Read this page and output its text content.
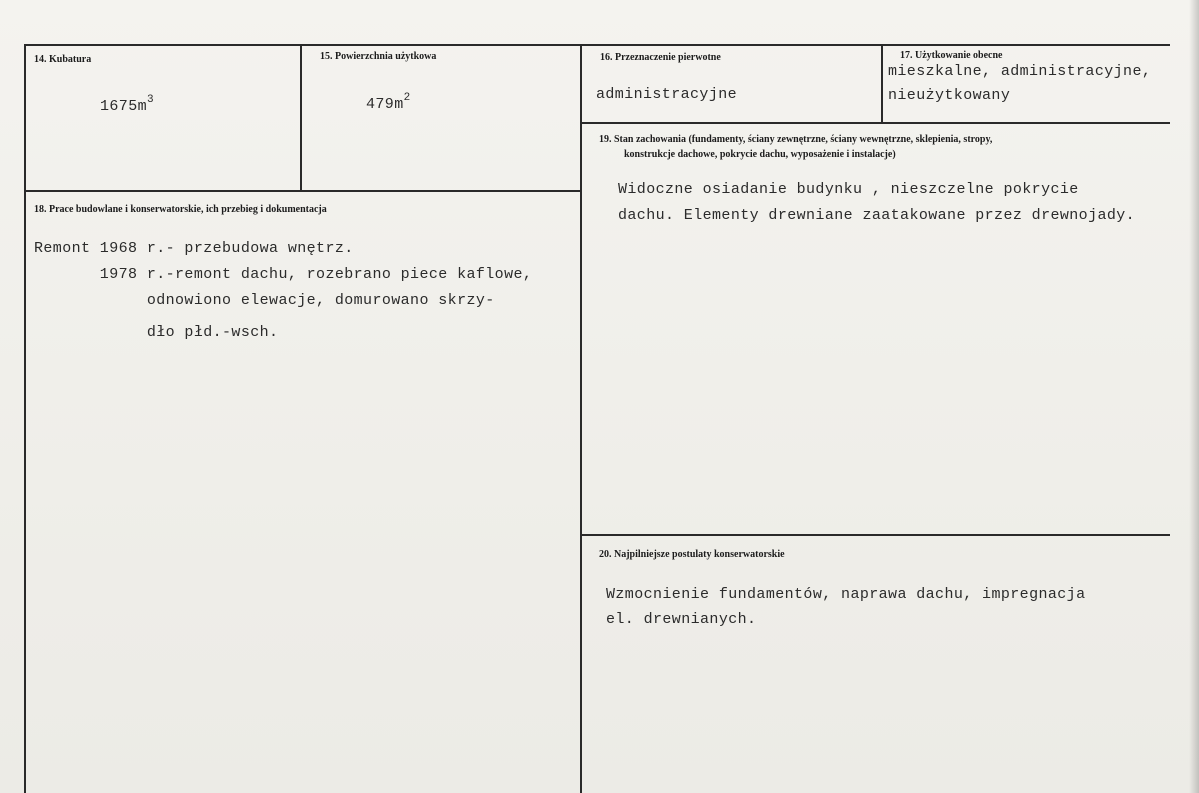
14. Kubatura
$1675m^3$
15. Powierzchnia użytkowa
$479m^2$
16. Przeznaczenie pierwotne
administracyjne
17. Użytkowanie obecne
mieszkalne, administracyjne,
nieużytkowany
18. Prace budowlane i konserwatorskie, ich przebieg i dokumentacja
Remont 1968 r.- przebudowa wnętrz.
1978 r.-remont dachu, rozebrano piece kaflowe,
odnowiono elewacje, domurowano skrzy-
dło płd.-wsch.
19. Stan zachowania (fundamenty, ściany zewnętrzne, ściany wewnętrzne, sklepienia, stropy,
konstrukcje dachowe, pokrycie dachu, wyposażenie i instalacje)
Widoczne osiadanie budynku , nieszczelne pokrycie
dachu. Elementy drewniane zaatakowane przez drewnojady.
20. Najpilniejsze postulaty konserwatorskie
Wzmocnienie fundamentów, naprawa dachu, impregnacja
el. drewnianych.
